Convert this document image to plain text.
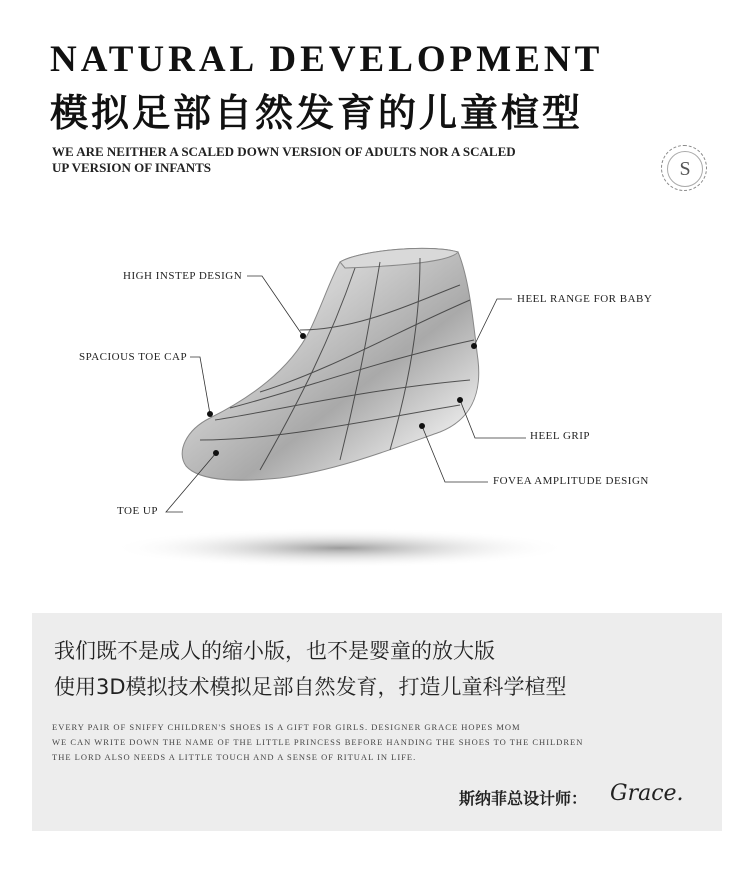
NATURAL DEVELOPMENT
模拟足部自然发育的儿童楦型
WE ARE NEITHER A SCALED DOWN VERSION OF ADULTS NOR A SCALED
UP VERSION OF INFANTS	S
HIGH INSTEP DESIGN
SPACIOUS TOE CAP
TOE UP
HEEL RANGE FOR BABY
HEEL GRIP
FOVEA AMPLITUDE DESIGN
我们既不是成人的缩小版，也不是婴童的放大版
使用3D模拟技术模拟足部自然发育，打造儿童科学楦型
EVERY PAIR OF SNIFFY CHILDREN'S SHOES IS A GIFT FOR GIRLS. DESIGNER GRACE HOPES MOM
WE CAN WRITE DOWN THE NAME OF THE LITTLE PRINCESS BEFORE HANDING THE SHOES TO THE CHILDREN
THE LORD ALSO NEEDS A LITTLE TOUCH AND A SENSE OF RITUAL IN LIFE.
斯纳菲总设计师： Grace.
